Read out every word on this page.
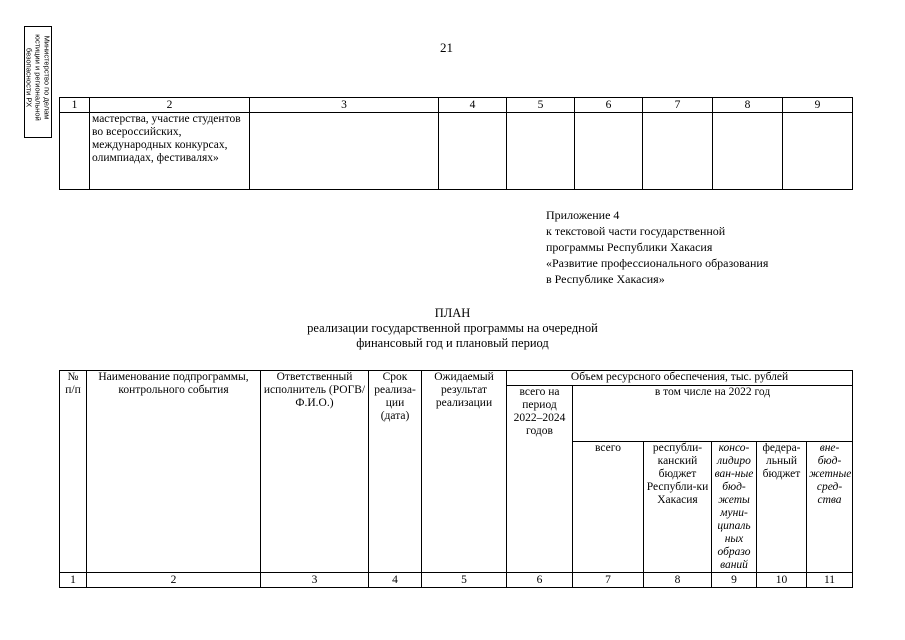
Министерство по делам юстиции и региональной безопасности РХ
21
1	2	3	4	5	6	7	8	9
	мастерства, участие студентов во всероссийских, международных конкурсах, олимпиадах, фестивалях»							
Приложение 4
к текстовой части государственной
программы Республики Хакасия
«Развитие профессионального образования
в Республике Хакасия»
ПЛАН
реализации государственной программы на очередной
финансовый год и плановый период
№ п/п	Наименование подпрограммы, контрольного события	Ответственный исполнитель (РОГВ/Ф.И.О.)	Срок реализа-ции (дата)	Ожидаемый результат реализации	Объем ресурсного обеспечения, тыс. рублей					
					всего на период 2022–2024 годов	в том числе на 2022 год				
						всего	республи-канский бюджет Республи-ки Хакасия	консо-лидиро ван-ные бюд-жеты муни-ципаль ных образо ваний	федера-льный бюджет	вне-бюд-жетные сред-ства
1	2	3	4	5	6	7	8	9	10	11
